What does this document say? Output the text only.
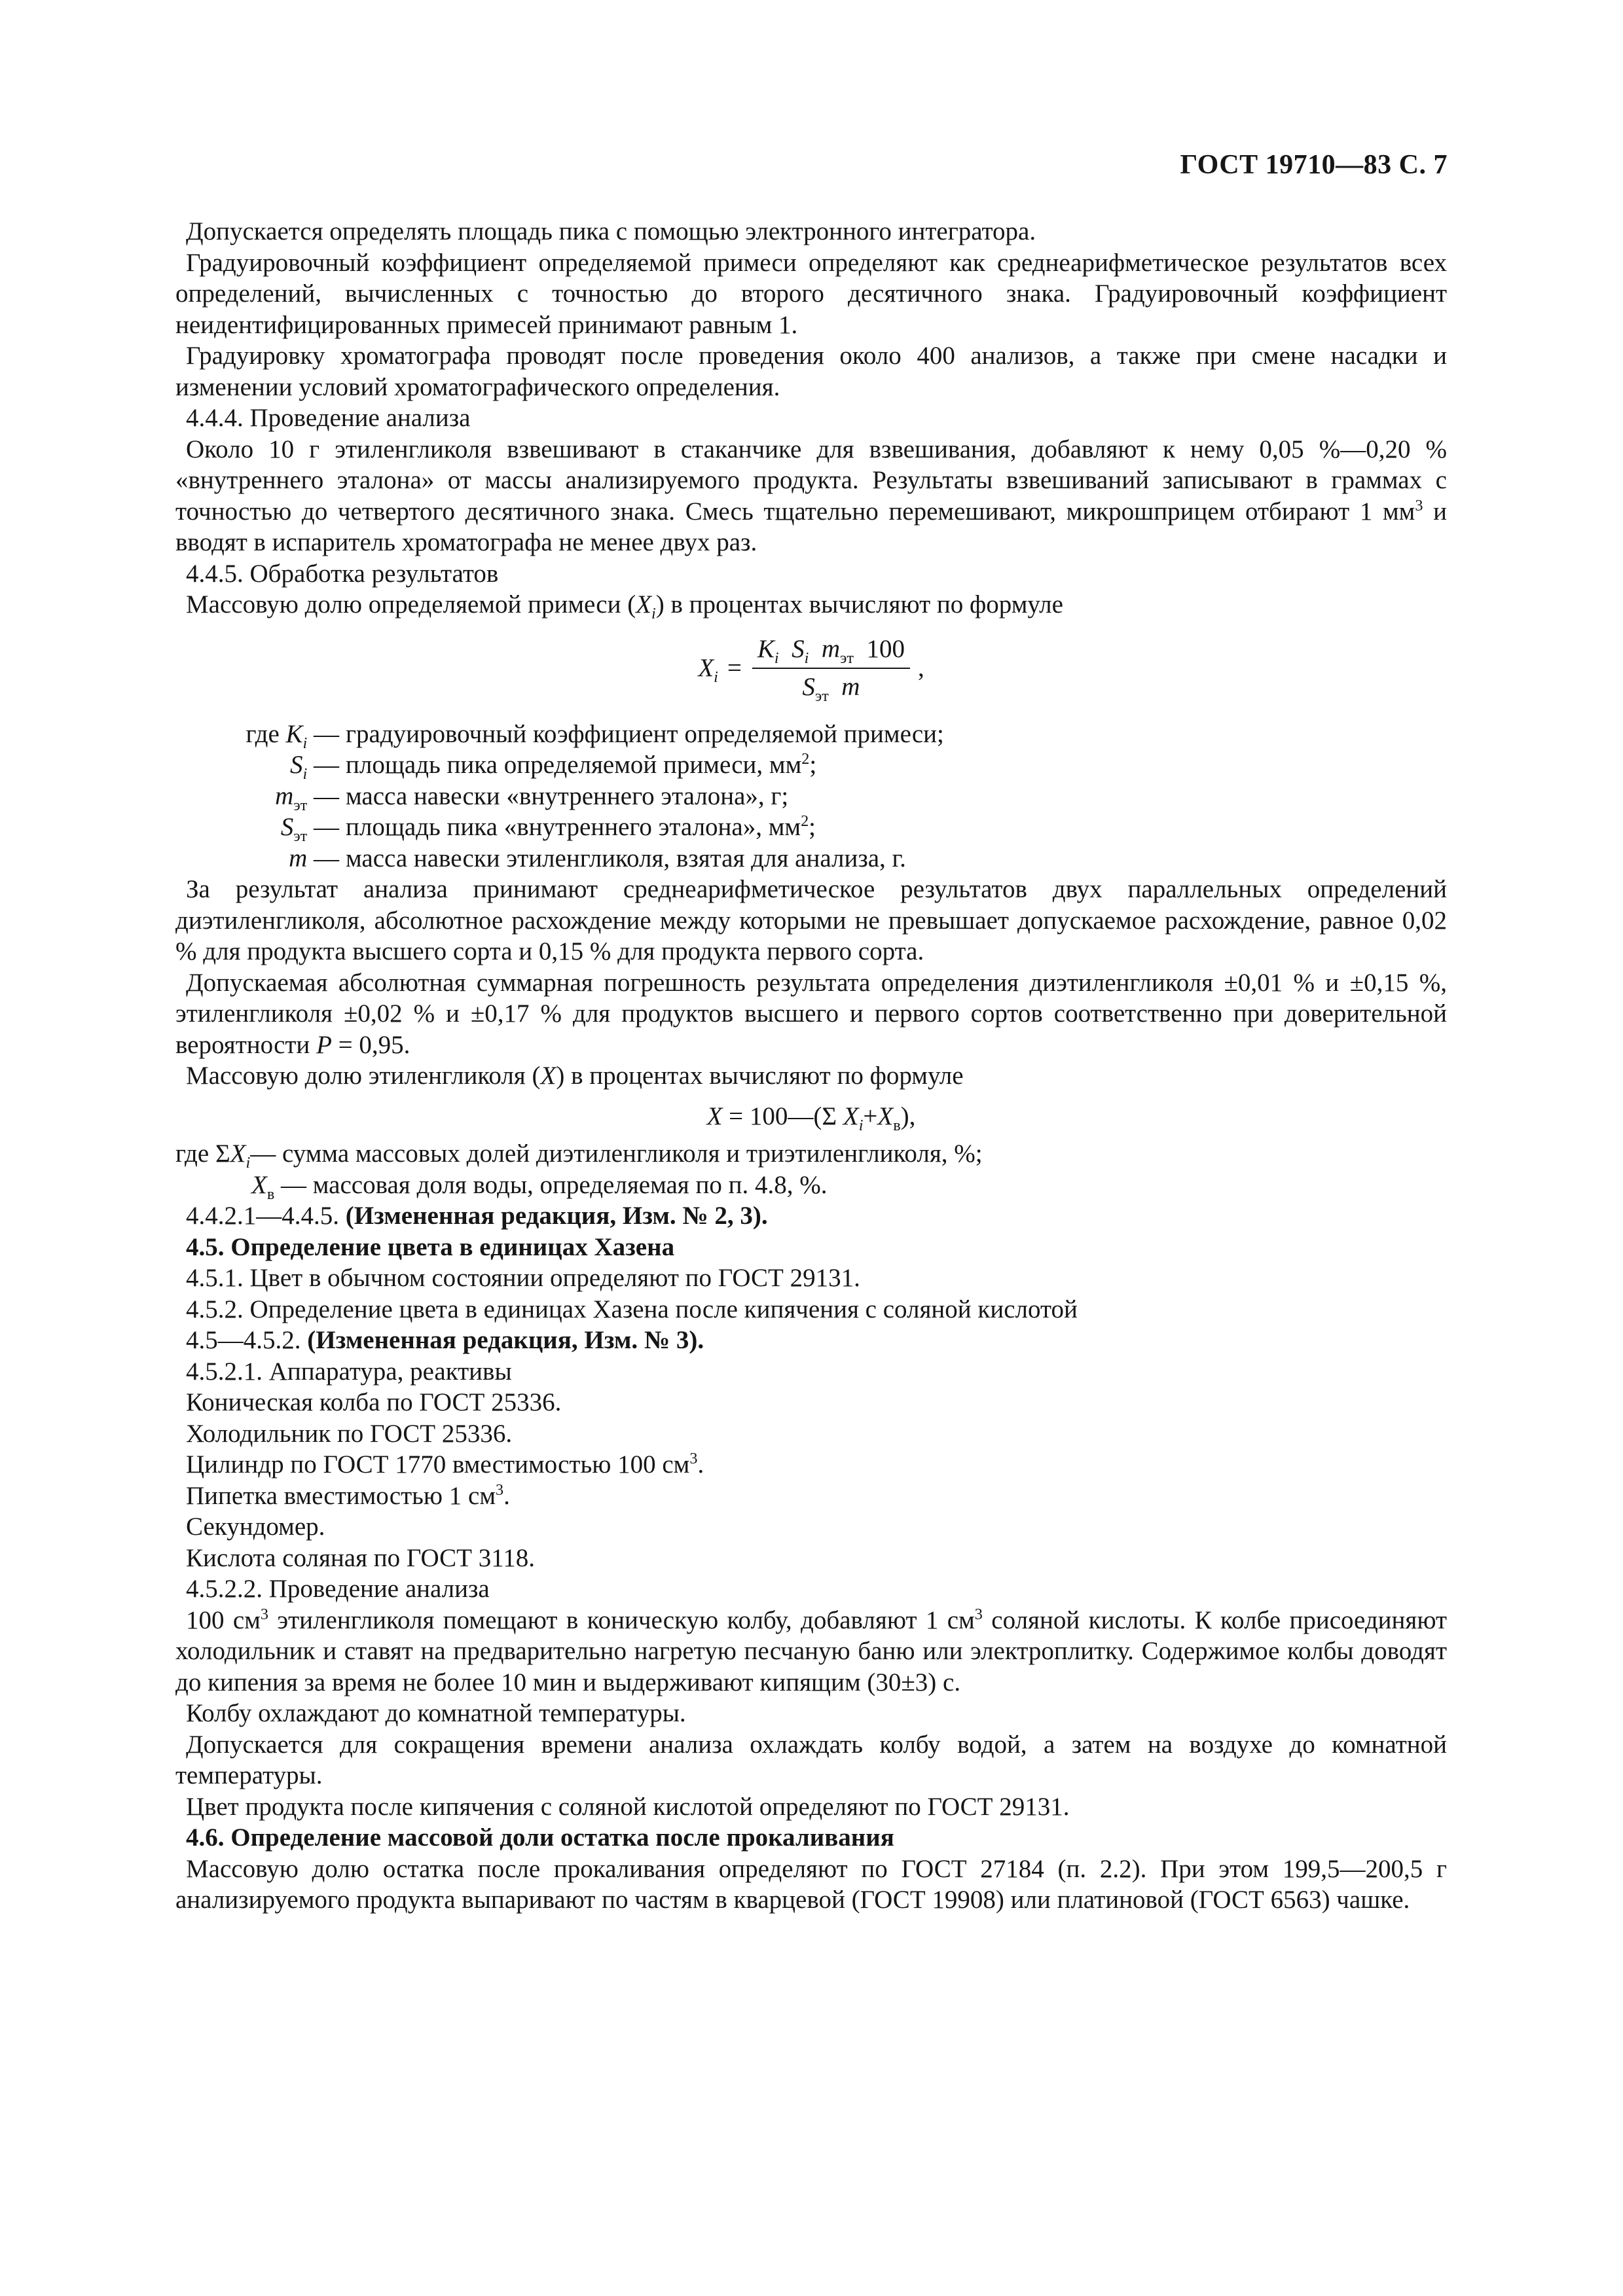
ГОСТ 19710—83 С. 7

Допускается определять площадь пика с помощью электронного интегратора.

Градуировочный коэффициент определяемой примеси определяют как среднеарифметическое результатов всех определений, вычисленных с точностью до второго десятичного знака. Градуировочный коэффициент неидентифицированных примесей принимают равным 1.

Градуировку хроматографа проводят после проведения около 400 анализов, а также при смене насадки и изменении условий хроматографического определения.

4.4.4. Проведение анализа

Около 10 г этиленгликоля взвешивают в стаканчике для взвешивания, добавляют к нему 0,05 %—0,20 % «внутреннего эталона» от массы анализируемого продукта. Результаты взвешиваний записывают в граммах с точностью до четвертого десятичного знака. Смесь тщательно перемешивают, микрошприцем отбирают 1 $мм^3$ и вводят в испаритель хроматографа не менее двух раз.

4.4.5. Обработка результатов

Массовую долю определяемой примеси $(X_i)$ в процентах вычисляют по формуле

$X_i = \frac{K_i S_i m_{эт} 100}{S_{эт} m}$ ,
где $K_i$ — градуировочный коэффициент определяемой примеси;
$S_i$ — площадь пика определяемой примеси, $мм^2$;
$m_{эт}$ — масса навески «внутреннего эталона», г;
$S_{эт}$ — площадь пика «внутреннего эталона», $мм^2$;
m — масса навески этиленгликоля, взятая для анализа, г.

За результат анализа принимают среднеарифметическое результатов двух параллельных определений диэтиленгликоля, абсолютное расхождение между которыми не превышает допускаемое расхождение, равное 0,02 % для продукта высшего сорта и 0,15 % для продукта первого сорта.

Допускаемая абсолютная суммарная погрешность результата определения диэтиленгликоля ±0,01 % и ±0,15 %, этиленгликоля ±0,02 % и ±0,17 % для продуктов высшего и первого сортов соответственно при доверительной вероятности P = 0,95.

Массовую долю этиленгликоля (X) в процентах вычисляют по формуле

X = 100—(Σ $X_i+X_в$),

где $\Sigma X_i—$ сумма массовых долей диэтиленгликоля и триэтиленгликоля, %;

$X_в$ — массовая доля воды, определяемая по п. 4.8, %.

4.4.2.1—4.4.5. (Измененная редакция, Изм. № 2, 3).

4.5. Определение цвета в единицах Хазена

4.5.1. Цвет в обычном состоянии определяют по ГОСТ 29131.

4.5.2. Определение цвета в единицах Хазена после кипячения с соляной кислотой

4.5—4.5.2. (Измененная редакция, Изм. № 3).

4.5.2.1. Аппаратура, реактивы

Коническая колба по ГОСТ 25336.

Холодильник по ГОСТ 25336.

Цилиндр по ГОСТ 1770 вместимостью 100 $см^3$.

Пипетка вместимостью 1 $см^3$.

Секундомер.

Кислота соляная по ГОСТ 3118.

4.5.2.2. Проведение анализа

100 $см^3$ этиленгликоля помещают в коническую колбу, добавляют 1 $см^3$ соляной кислоты. К колбе присоединяют холодильник и ставят на предварительно нагретую песчаную баню или электроплитку. Содержимое колбы доводят до кипения за время не более 10 мин и выдерживают кипящим (30±3) с.

Колбу охлаждают до комнатной температуры.

Допускается для сокращения времени анализа охлаждать колбу водой, а затем на воздухе до комнатной температуры.

Цвет продукта после кипячения с соляной кислотой определяют по ГОСТ 29131.

4.6. Определение массовой доли остатка после прокаливания

Массовую долю остатка после прокаливания определяют по ГОСТ 27184 (п. 2.2). При этом 199,5—200,5 г анализируемого продукта выпаривают по частям в кварцевой (ГОСТ 19908) или платиновой (ГОСТ 6563) чашке.
